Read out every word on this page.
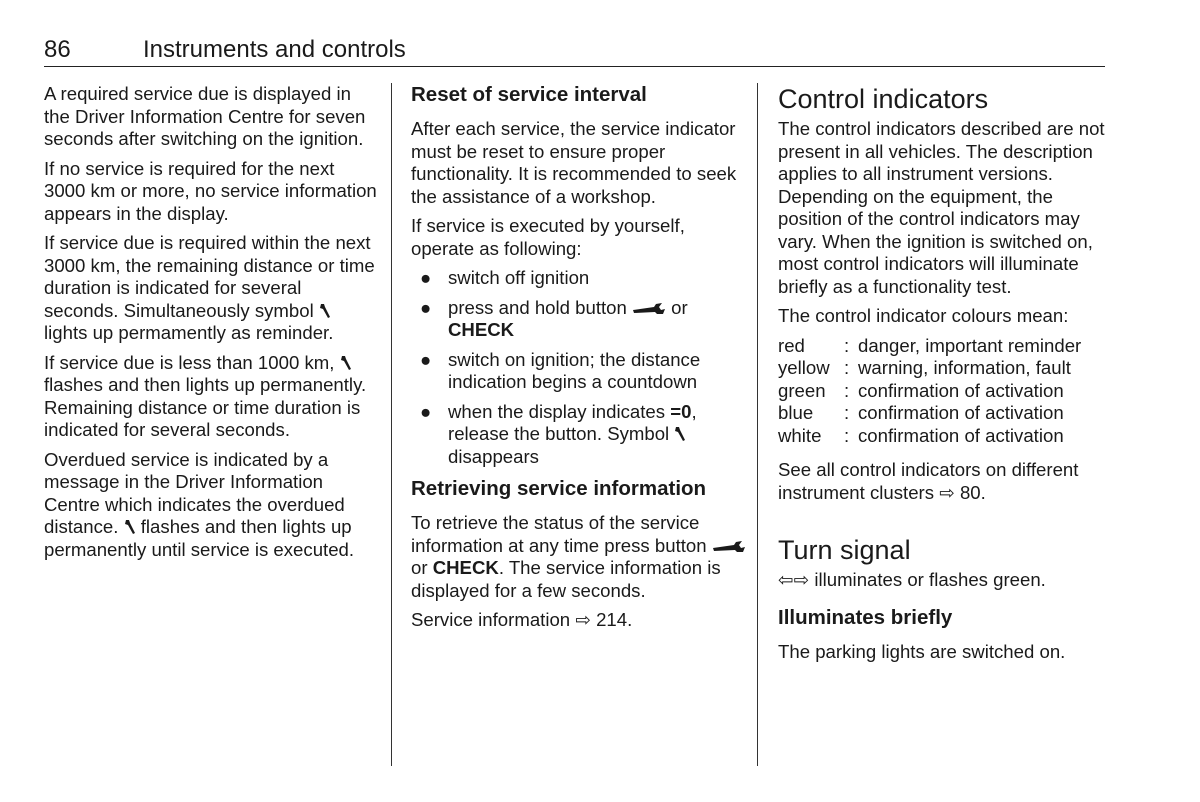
86	Instruments and controls

A required service due is displayed in the Driver Information Centre for seven seconds after switching on the ignition.

If no service is required for the next 3000 km or more, no service information appears in the display.

If service due is required within the next 3000 km, the remaining distance or time duration is indicated for several seconds. Simultaneously symbol  lights up permamently as reminder.

If service due is less than 1000 km,  flashes and then lights up permanently. Remaining distance or time duration is indicated for several seconds.

Overdued service is indicated by a message in the Driver Information Centre which indicates the overdued distance.  flashes and then lights up permanently until service is executed.

Reset of service interval

After each service, the service indicator must be reset to ensure proper functionality. It is recommended to seek the assistance of a workshop.

If service is executed by yourself, operate as following:

● switch off ignition
● press and hold button  or CHECK
● switch on ignition; the distance indication begins a countdown
● when the display indicates =0, release the button. Symbol  disappears
Retrieving service information

To retrieve the status of the service information at any time press button  or CHECK. The service information is displayed for a few seconds.

Service information ⇨ 214.

Control indicators

The control indicators described are not present in all vehicles. The description applies to all instrument versions. Depending on the equipment, the position of the control indicators may vary. When the ignition is switched on, most control indicators will illuminate briefly as a functionality test.

The control indicator colours mean:

red	: danger, important reminder
yellow : warning, information, fault
green : confirmation of activation
blue	: confirmation of activation
white	: confirmation of activation

See all control indicators on different instrument clusters ⇨ 80.

Turn signal

⇦⇨ illuminates or flashes green.

Illuminates briefly

The parking lights are switched on.
